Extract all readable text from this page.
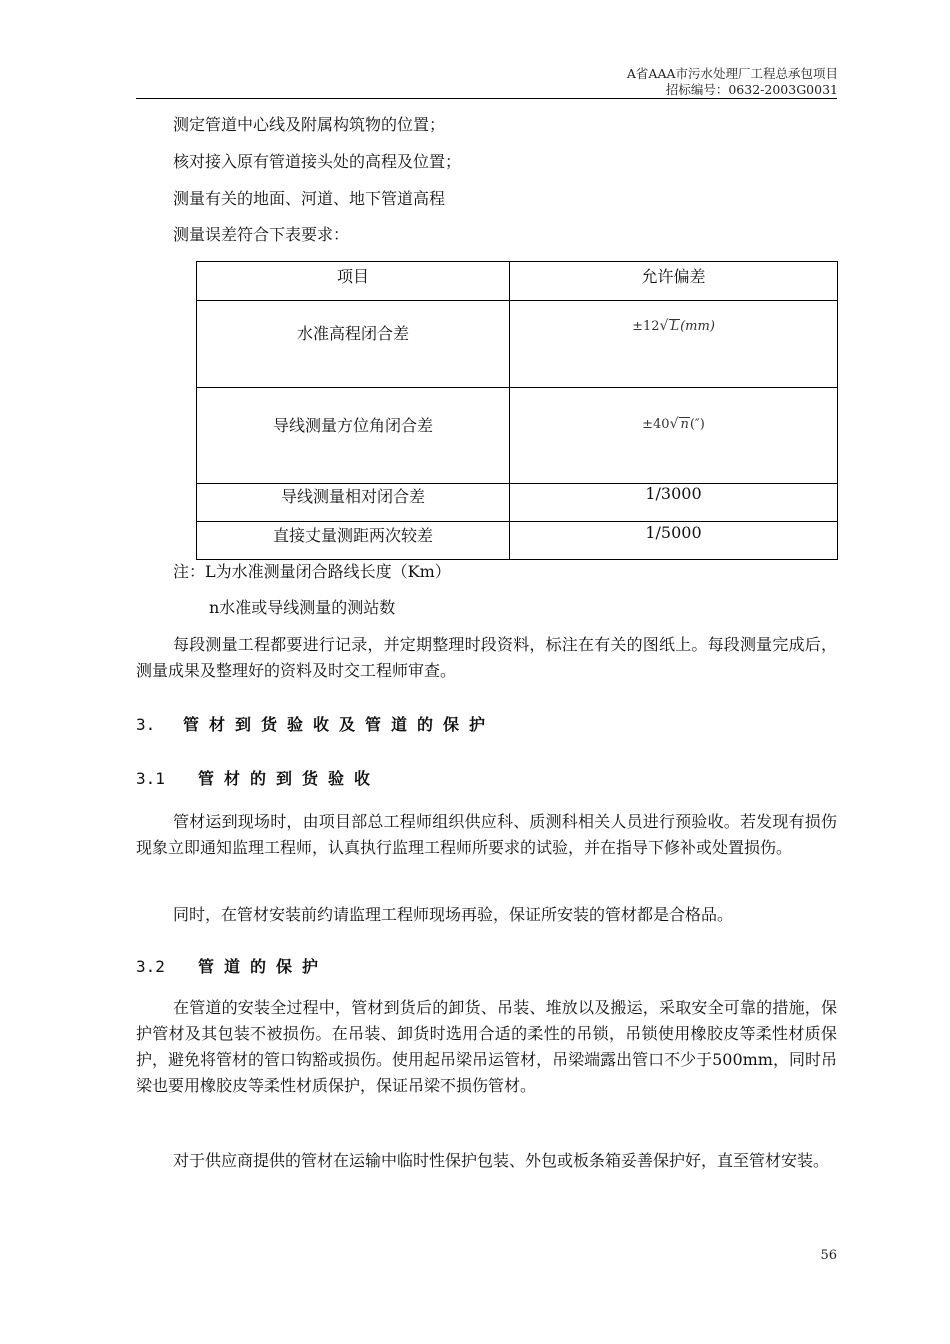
A省AAA市污水处理厂工程总承包项目
招标编号：0632-2003G0031

测定管道中心线及附属构筑物的位置；

核对接入原有管道接头处的高程及位置；

测量有关的地面、河道、地下管道高程

测量误差符合下表要求：

项目	允许偏差
水准高程闭合差	±12√ L(mm)
导线测量方位角闭合差	±40√ n(″)
导线测量相对闭合差	1/3000
直接丈量测距两次较差	1/5000

注：L为水准测量闭合路线长度（Km）

n水准或导线测量的测站数

每段测量工程都要进行记录，并定期整理时段资料，标注在有关的图纸上。每段测量完成后，测量成果及整理好的资料及时交工程师审查。

3. 管材到货验收及管道的保护
3.1 管材的到货验收

管材运到现场时，由项目部总工程师组织供应科、质测科相关人员进行预验收。若发现有损伤现象立即通知监理工程师，认真执行监理工程师所要求的试验，并在指导下修补或处置损伤。

同时，在管材安装前约请监理工程师现场再验，保证所安装的管材都是合格品。

3.2 管道的保护

在管道的安装全过程中，管材到货后的卸货、吊装、堆放以及搬运，采取安全可靠的措施，保护管材及其包装不被损伤。在吊装、卸货时选用合适的柔性的吊锁，吊锁使用橡胶皮等柔性材质保护，避免将管材的管口钩豁或损伤。使用起吊梁吊运管材，吊梁端露出管口不少于500mm，同时吊梁也要用橡胶皮等柔性材质保护，保证吊梁不损伤管材。

对于供应商提供的管材在运输中临时性保护包装、外包或板条箱妥善保护好，直至管材安装。

56
